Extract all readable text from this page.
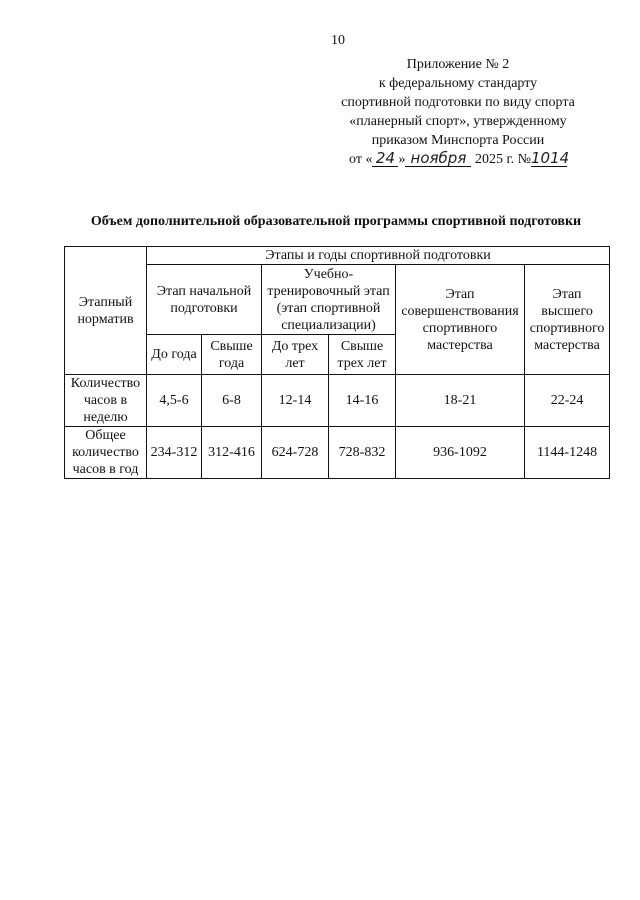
10
Приложение № 2
к федеральному стандарту
спортивной подготовки по виду спорта
«планерный спорт», утвержденному
приказом Минспорта России
от « 24 » ноября 2025 г. №1014
Объем дополнительной образовательной программы спортивной подготовки
Этапный норматив	Этапы и годы спортивной подготовки					
	Этап начальной подготовки		Учебно-тренировочный этап (этап спортивной специализации)		Этап совершенствования спортивного мастерства	Этап высшего спортивного мастерства
	До года	Свыше года	До трех лет	Свыше трех лет		
Количество часов в неделю	4,5-6	6-8	12-14	14-16	18-21	22-24
Общее количество часов в год	234-312	312-416	624-728	728-832	936-1092	1144-1248
